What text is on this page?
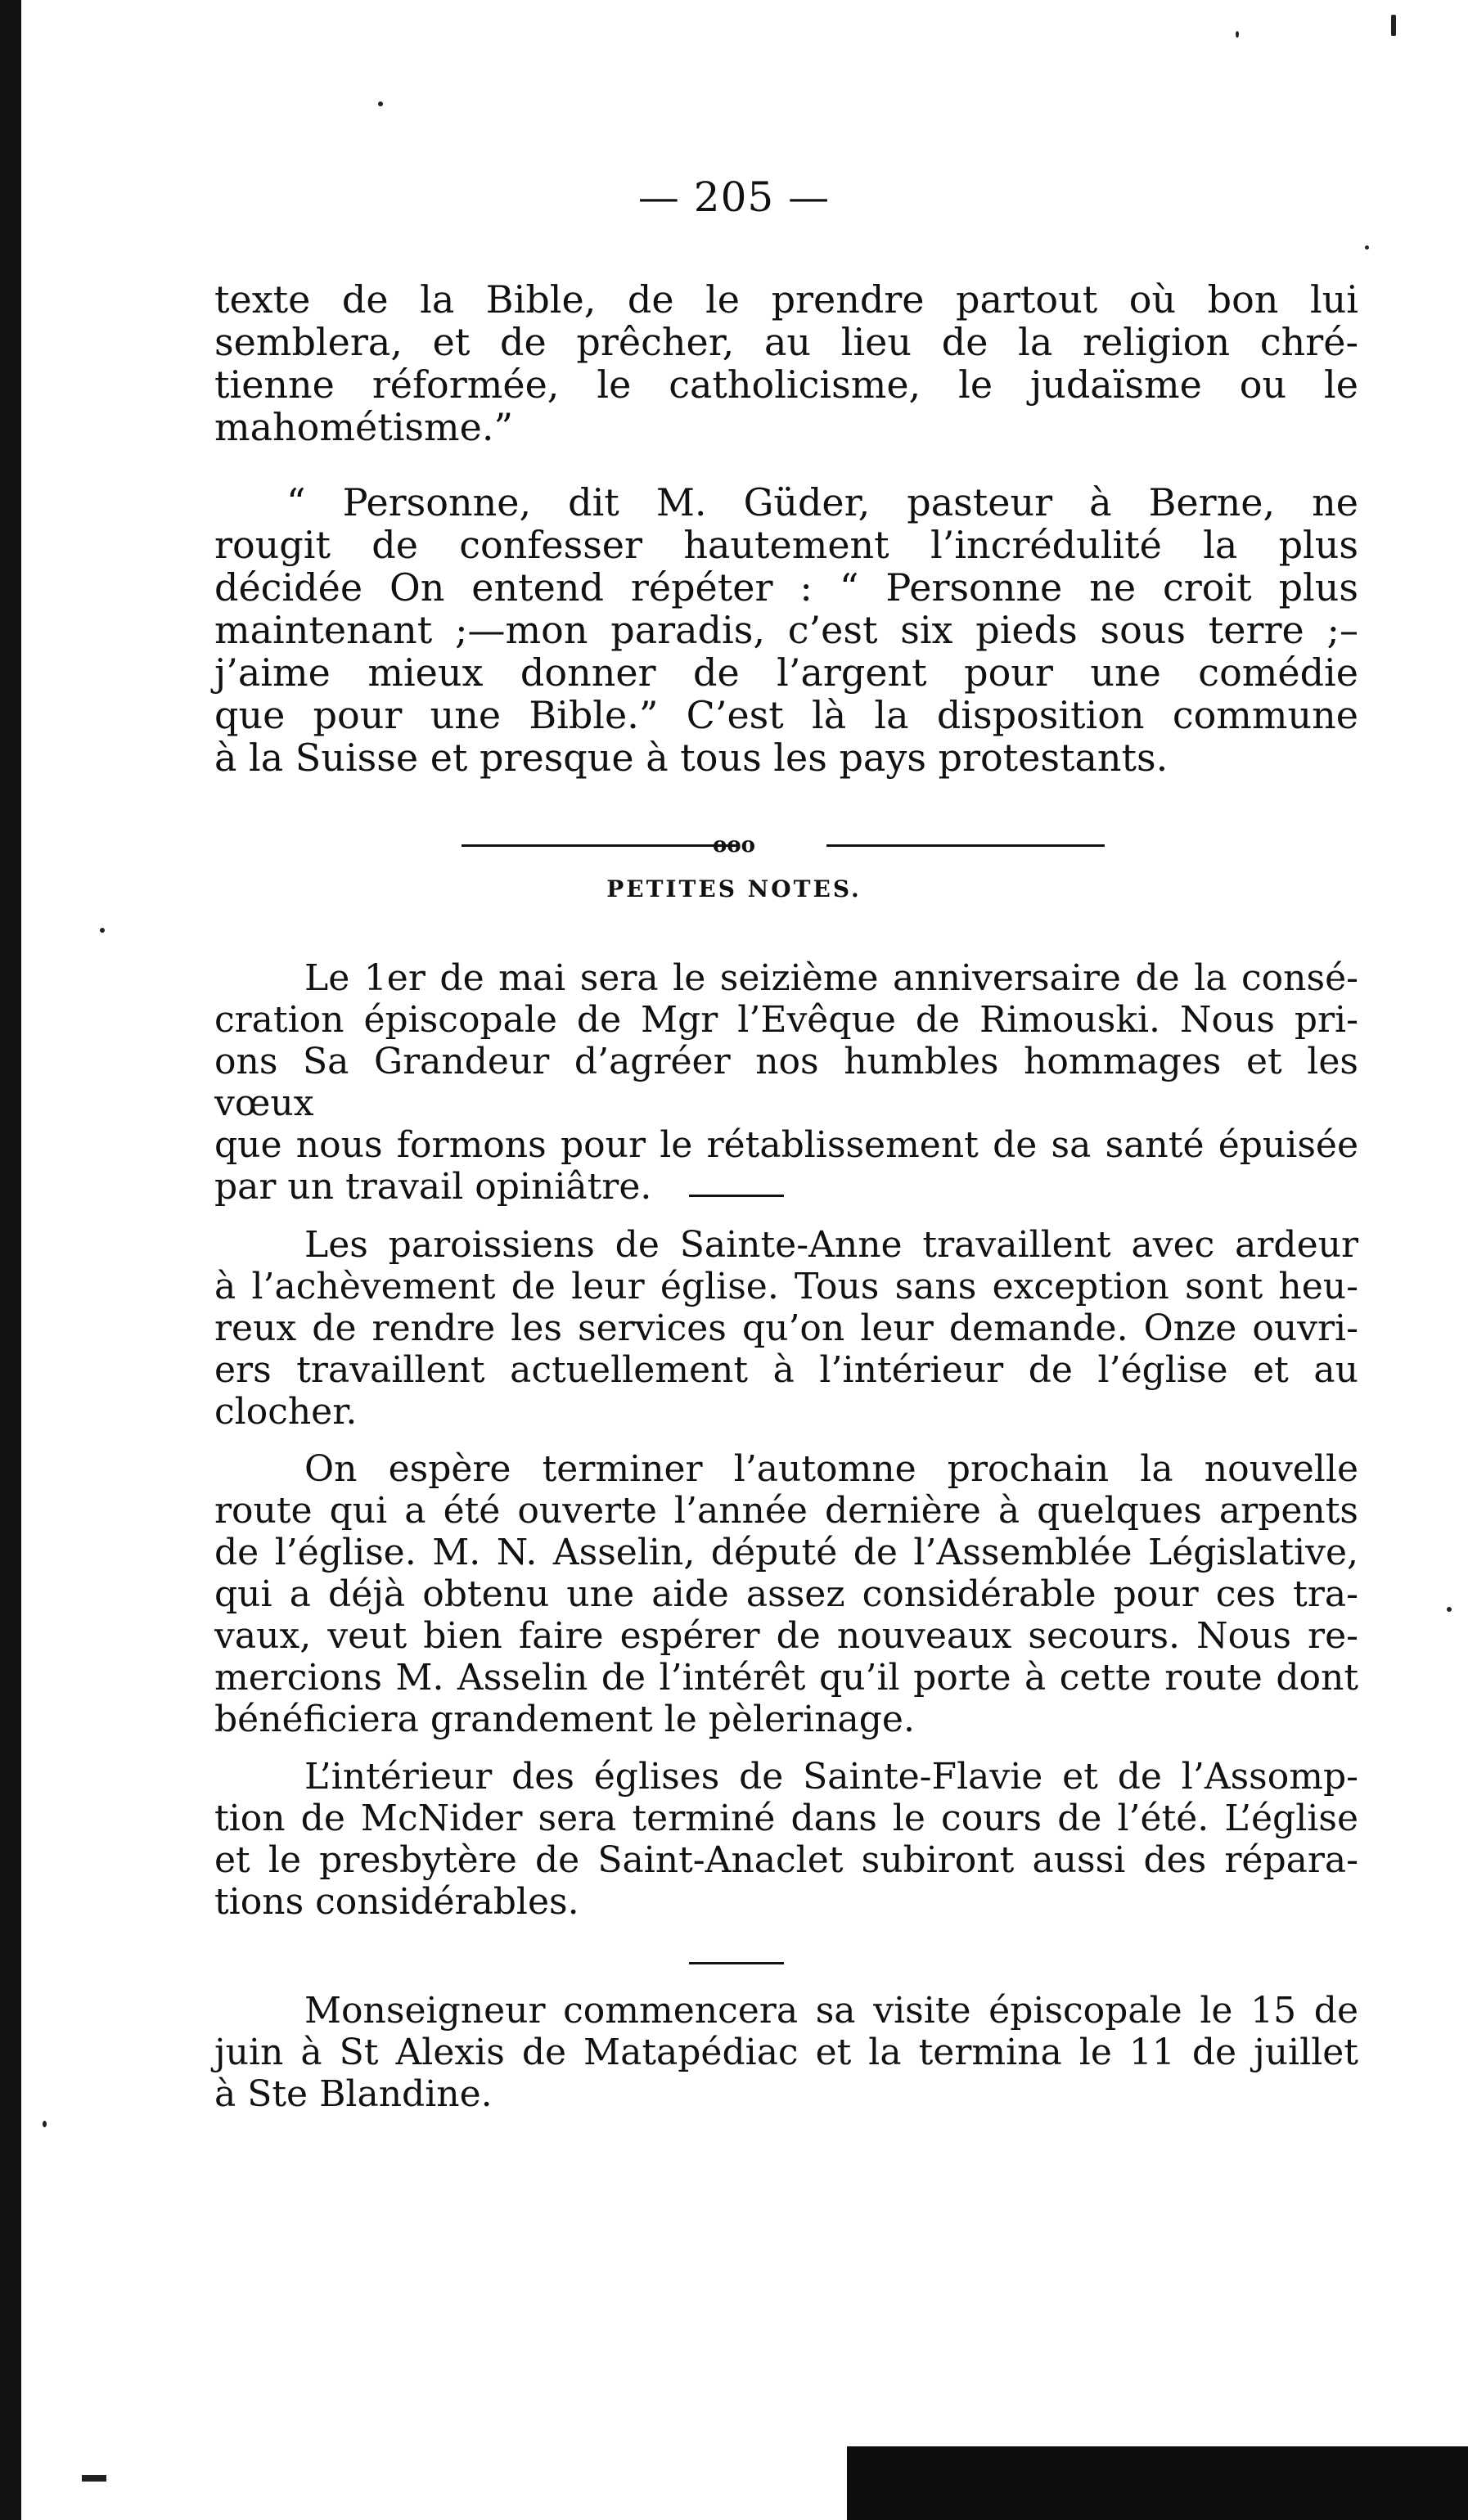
— 205 —

texte de la Bible, de le prendre partout où bon lui

semblera, et de prêcher, au lieu de la religion chré-

tienne réformée, le catholicisme, le judaïsme ou le

mahométisme.”

“ Personne, dit M. Güder, pasteur à Berne, ne

rougit de confesser hautement l’incrédulité la plus

décidée On entend répéter : “ Personne ne croit plus

maintenant ;—mon paradis, c’est six pieds sous terre ;–

j’aime mieux donner de l’argent pour une comédie

que pour une Bible.” C’est là la disposition commune

à la Suisse et presque à tous les pays protestants.

ooo
PETITES NOTES.

Le 1er de mai sera le seizième anniversaire de la consé-

cration épiscopale de Mgr l’Evêque de Rimouski. Nous pri-

ons Sa Grandeur d’agréer nos humbles hommages et les vœux

que nous formons pour le rétablissement de sa santé épuisée

par un travail opiniâtre.

Les paroissiens de Sainte-Anne travaillent avec ardeur

à l’achèvement de leur église. Tous sans exception sont heu-

reux de rendre les services qu’on leur demande. Onze ouvri-

ers travaillent actuellement à l’intérieur de l’église et au

clocher.

On espère terminer l’automne prochain la nouvelle

route qui a été ouverte l’année dernière à quelques arpents

de l’église. M. N. Asselin, député de l’Assemblée Législative,

qui a déjà obtenu une aide assez considérable pour ces tra-

vaux, veut bien faire espérer de nouveaux secours. Nous re-

mercions M. Asselin de l’intérêt qu’il porte à cette route dont

bénéficiera grandement le pèlerinage.

L’intérieur des églises de Sainte-Flavie et de l’Assomp-

tion de McNider sera terminé dans le cours de l’été. L’église

et le presbytère de Saint-Anaclet subiront aussi des répara-

tions considérables.

Monseigneur commencera sa visite épiscopale le 15 de

juin à St Alexis de Matapédiac et la termina le 11 de juillet

à Ste Blandine.
